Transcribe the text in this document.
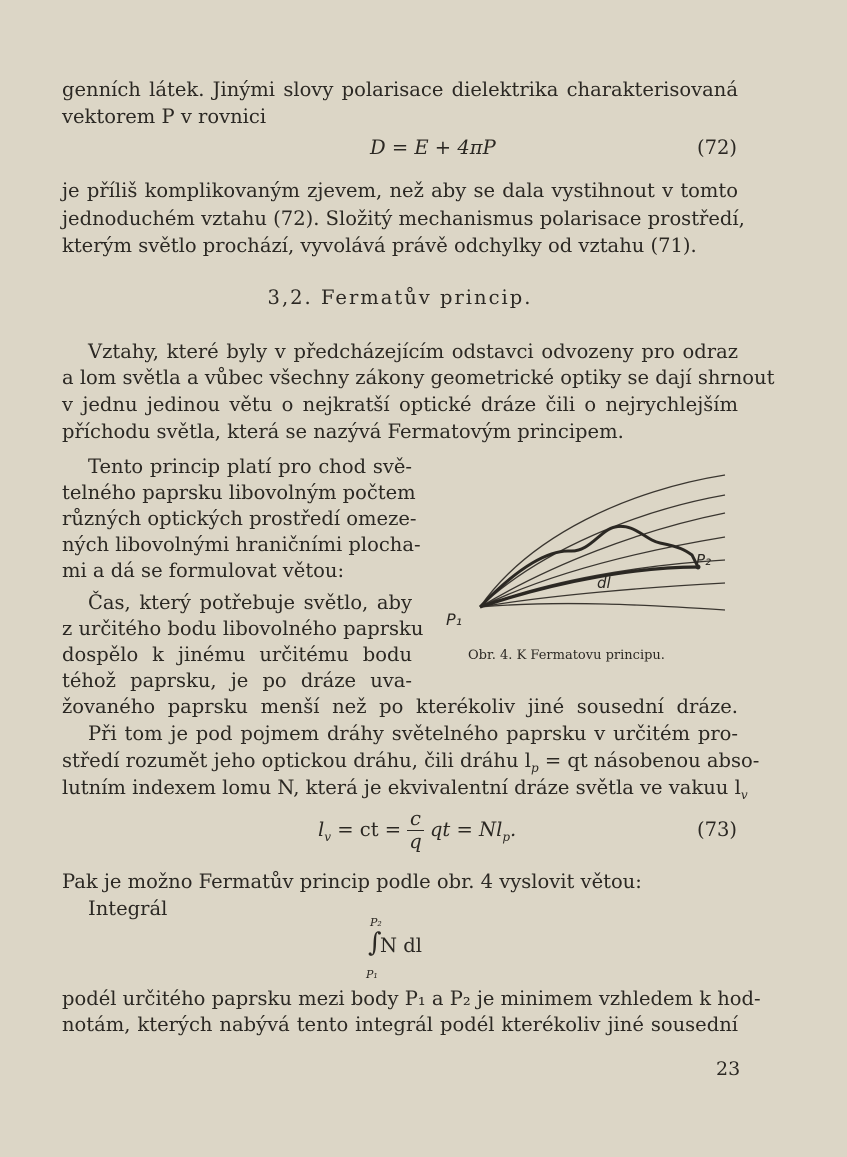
genních látek. Jinými slovy polarisace dielektrika charakterisovaná
vektorem P v rovnici
D = E + 4πP	(72)
je příliš komplikovaným zjevem, než aby se dala vystihnout v tomto
jednoduchém vztahu (72). Složitý mechanismus polarisace prostředí,
kterým světlo prochází, vyvolává právě odchylky od vztahu (71).
3,2. Fermatův princip.
Vztahy, které byly v předcházejícím odstavci odvozeny pro odraz
a lom světla a vůbec všechny zákony geometrické optiky se dají shrnout
v jednu jedinou větu o nejkratší optické dráze čili o nejrychlejším
příchodu světla, která se nazývá Fermatovým principem.
Tento princip platí pro chod svě-
telného paprsku libovolným počtem
různých optických prostředí omeze-
ných libovolnými hraničními plocha-
mi a dá se formulovat větou:
Čas, který potřebuje světlo, aby
z určitého bodu libovolného paprsku
dospělo k jinému určitému bodu
téhož paprsku, je po dráze uva-
žovaného paprsku menší než po kterékoliv jiné sousední dráze.
Při tom je pod pojmem dráhy světelného paprsku v určitém pro-
středí rozumět jeho optickou dráhu, čili dráhu $l_p$ = qt násobenou abso-
lutním indexem lomu N, která je ekvivalentní dráze světla ve vakuu $l_v$
$l_v$ = ct = $\frac{c}{q}$ qt = $Nl_p$.	(73)
Pak je možno Fermatův princip podle obr. 4 vyslovit větou:
Integrál
P₂
∫
N dl
P₁
podél určitého paprsku mezi body P₁ a P₂ je minimem vzhledem k hod-
notám, kterých nabývá tento integrál podél kterékoliv jiné sousední
P₁
P₂
dl
Obr. 4. K Fermatovu principu.
23
